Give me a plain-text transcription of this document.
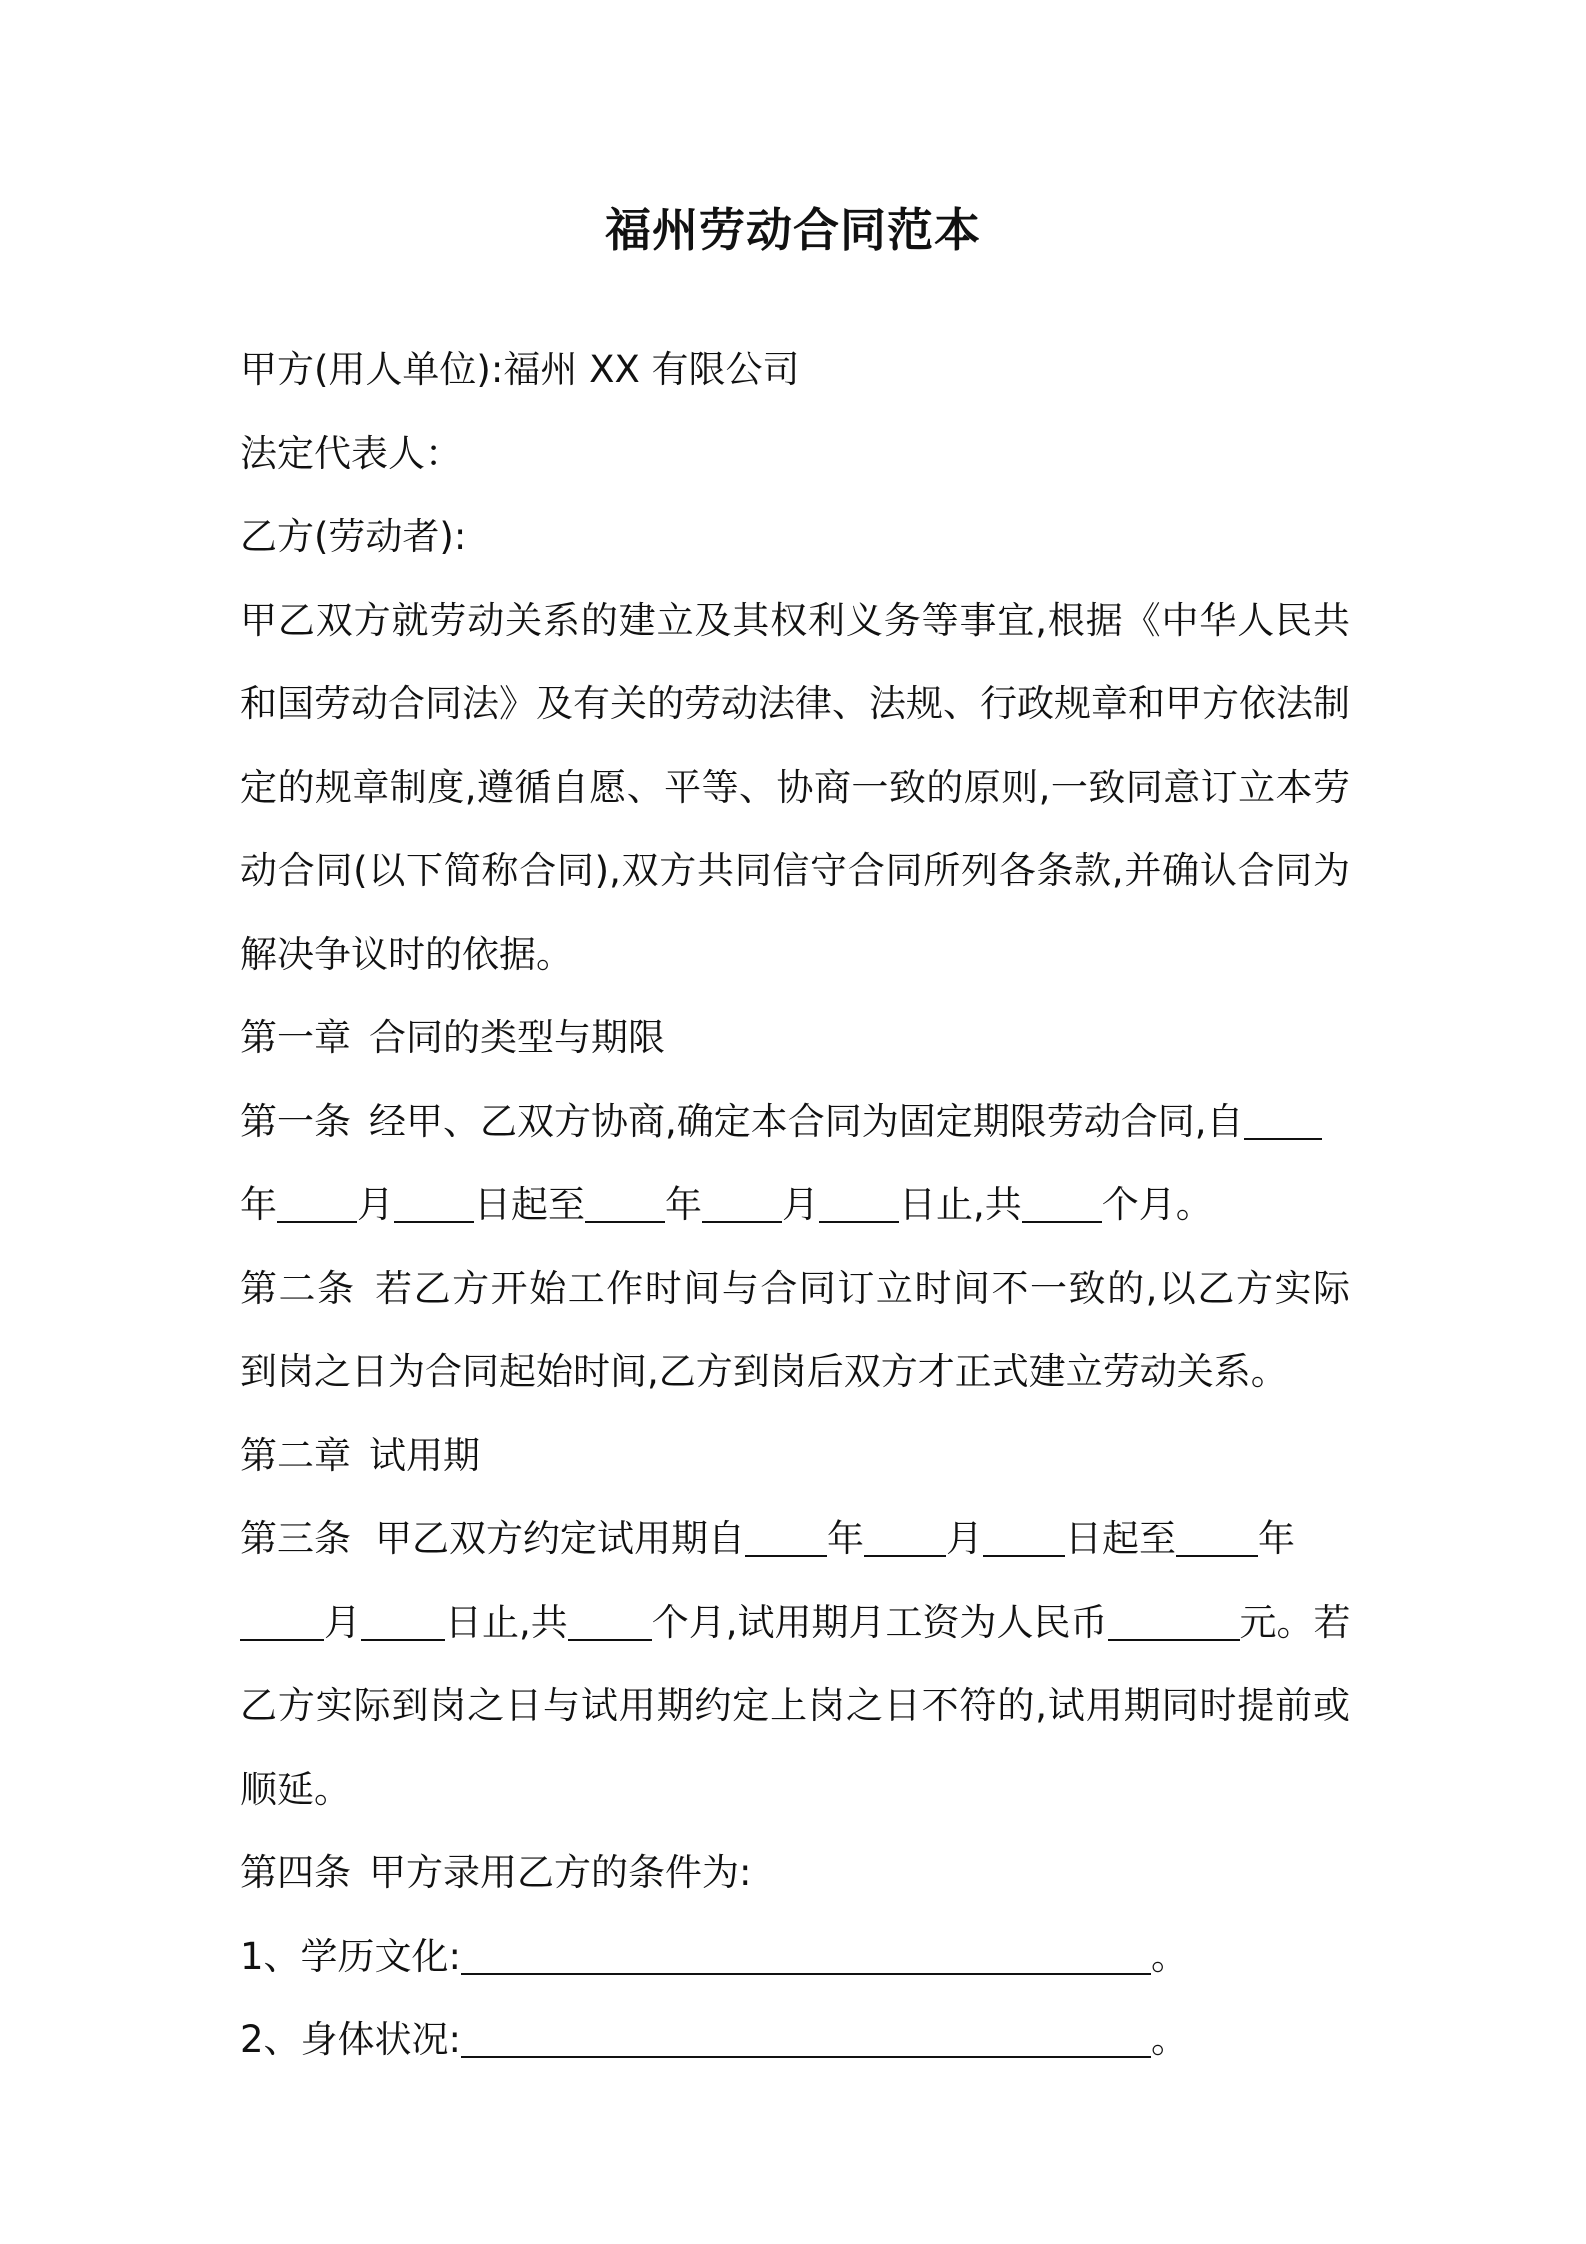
福州劳动合同范本
甲方(用人单位):福州 XX 有限公司
法定代表人：
乙方(劳动者):
甲乙双方就劳动关系的建立及其权利义务等事宜,根据《中华人民共
和国劳动合同法》及有关的劳动法律、法规、行政规章和甲方依法制
定的规章制度,遵循自愿、平等、协商一致的原则,一致同意订立本劳
动合同(以下简称合同),双方共同信守合同所列各条款,并确认合同为
解决争议时的依据。
第一章 合同的类型与期限
第一条 经甲、乙双方协商,确定本合同为固定期限劳动合同,自
年 月 日起至 年 月 日止,共 个月。
第二条 若乙方开始工作时间与合同订立时间不一致的,以乙方实际
到岗之日为合同起始时间,乙方到岗后双方才正式建立劳动关系。
第二章 试用期
第三条 甲乙双方约定试用期自 年 月 日起至 年
月 日止,共 个月,试用期月工资为人民币	元。若
乙方实际到岗之日与试用期约定上岗之日不符的,试用期同时提前或
顺延。
第四条 甲方录用乙方的条件为:
1、学历文化:	。
2、身体状况:	。
